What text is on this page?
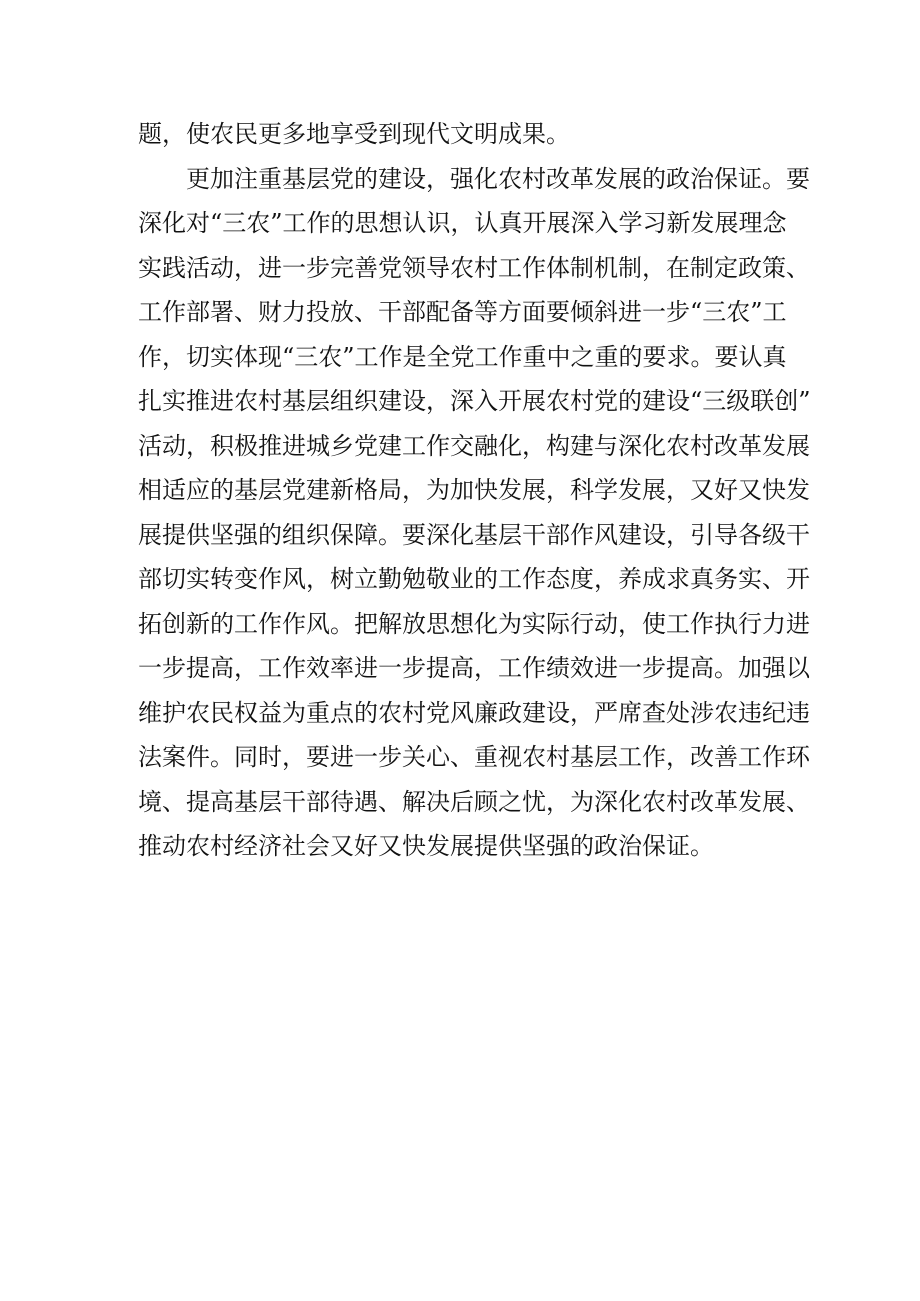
题，使农民更多地享受到现代文明成果。
更加注重基层党的建设，强化农村改革发展的政治保证。要
深化对“三农”工作的思想认识，认真开展深入学习新发展理念
实践活动，进一步完善党领导农村工作体制机制，在制定政策、
工作部署、财力投放、干部配备等方面要倾斜进一步“三农”工
作，切实体现“三农”工作是全党工作重中之重的要求。要认真
扎实推进农村基层组织建设，深入开展农村党的建设“三级联创”
活动，积极推进城乡党建工作交融化，构建与深化农村改革发展
相适应的基层党建新格局，为加快发展，科学发展，又好又快发
展提供坚强的组织保障。要深化基层干部作风建设，引导各级干
部切实转变作风，树立勤勉敬业的工作态度，养成求真务实、开
拓创新的工作作风。把解放思想化为实际行动，使工作执行力进
一步提高，工作效率进一步提高，工作绩效进一步提高。加强以
维护农民权益为重点的农村党风廉政建设，严席查处涉农违纪违
法案件。同时，要进一步关心、重视农村基层工作，改善工作环
境、提高基层干部待遇、解决后顾之忧，为深化农村改革发展、
推动农村经济社会又好又快发展提供坚强的政治保证。
